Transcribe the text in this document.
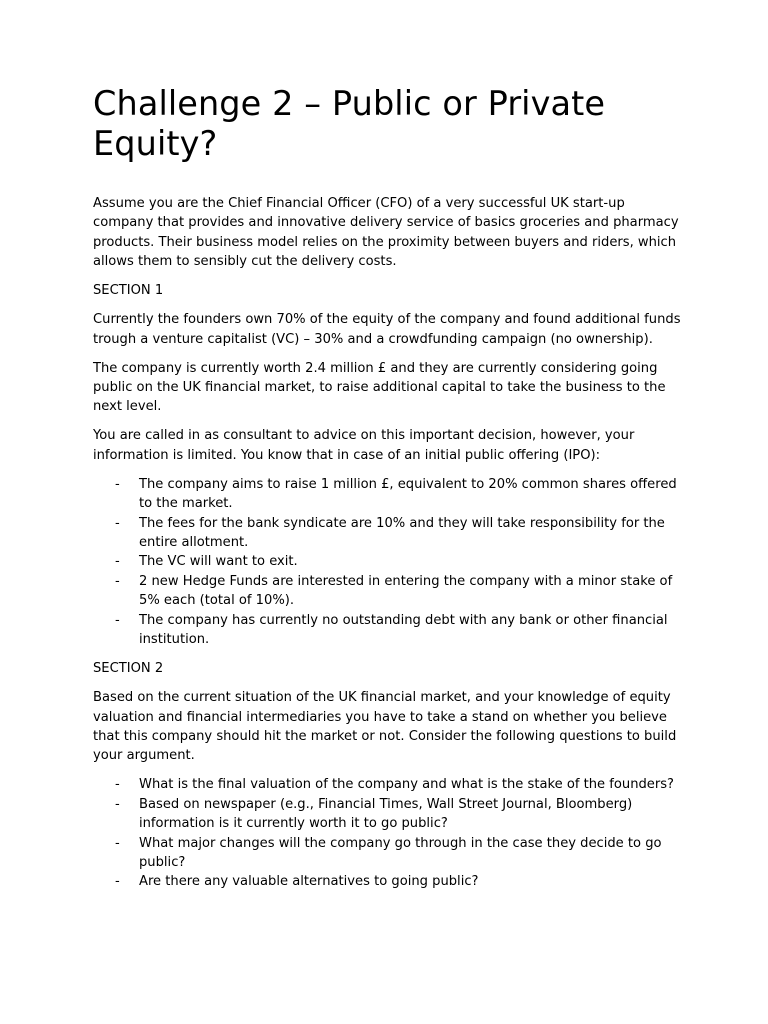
Challenge 2 – Public or Private Equity?

Assume you are the Chief Financial Officer (CFO) of a very successful UK start-up company that provides and innovative delivery service of basics groceries and pharmacy products. Their business model relies on the proximity between buyers and riders, which allows them to sensibly cut the delivery costs.

SECTION 1

Currently the founders own 70% of the equity of the company and found additional funds trough a venture capitalist (VC) – 30% and a crowdfunding campaign (no ownership).

The company is currently worth 2.4 million £ and they are currently considering going public on the UK financial market, to raise additional capital to take the business to the next level.

You are called in as consultant to advice on this important decision, however, your information is limited. You know that in case of an initial public offering (IPO):

- The company aims to raise 1 million £, equivalent to 20% common shares offered to the market.
- The fees for the bank syndicate are 10% and they will take responsibility for the entire allotment.
- The VC will want to exit.
- 2 new Hedge Funds are interested in entering the company with a minor stake of 5% each (total of 10%).
- The company has currently no outstanding debt with any bank or other financial institution.

SECTION 2

Based on the current situation of the UK financial market, and your knowledge of equity valuation and financial intermediaries you have to take a stand on whether you believe that this company should hit the market or not. Consider the following questions to build your argument.

- What is the final valuation of the company and what is the stake of the founders?
- Based on newspaper (e.g., Financial Times, Wall Street Journal, Bloomberg) information is it currently worth it to go public?
- What major changes will the company go through in the case they decide to go public?
- Are there any valuable alternatives to going public?
